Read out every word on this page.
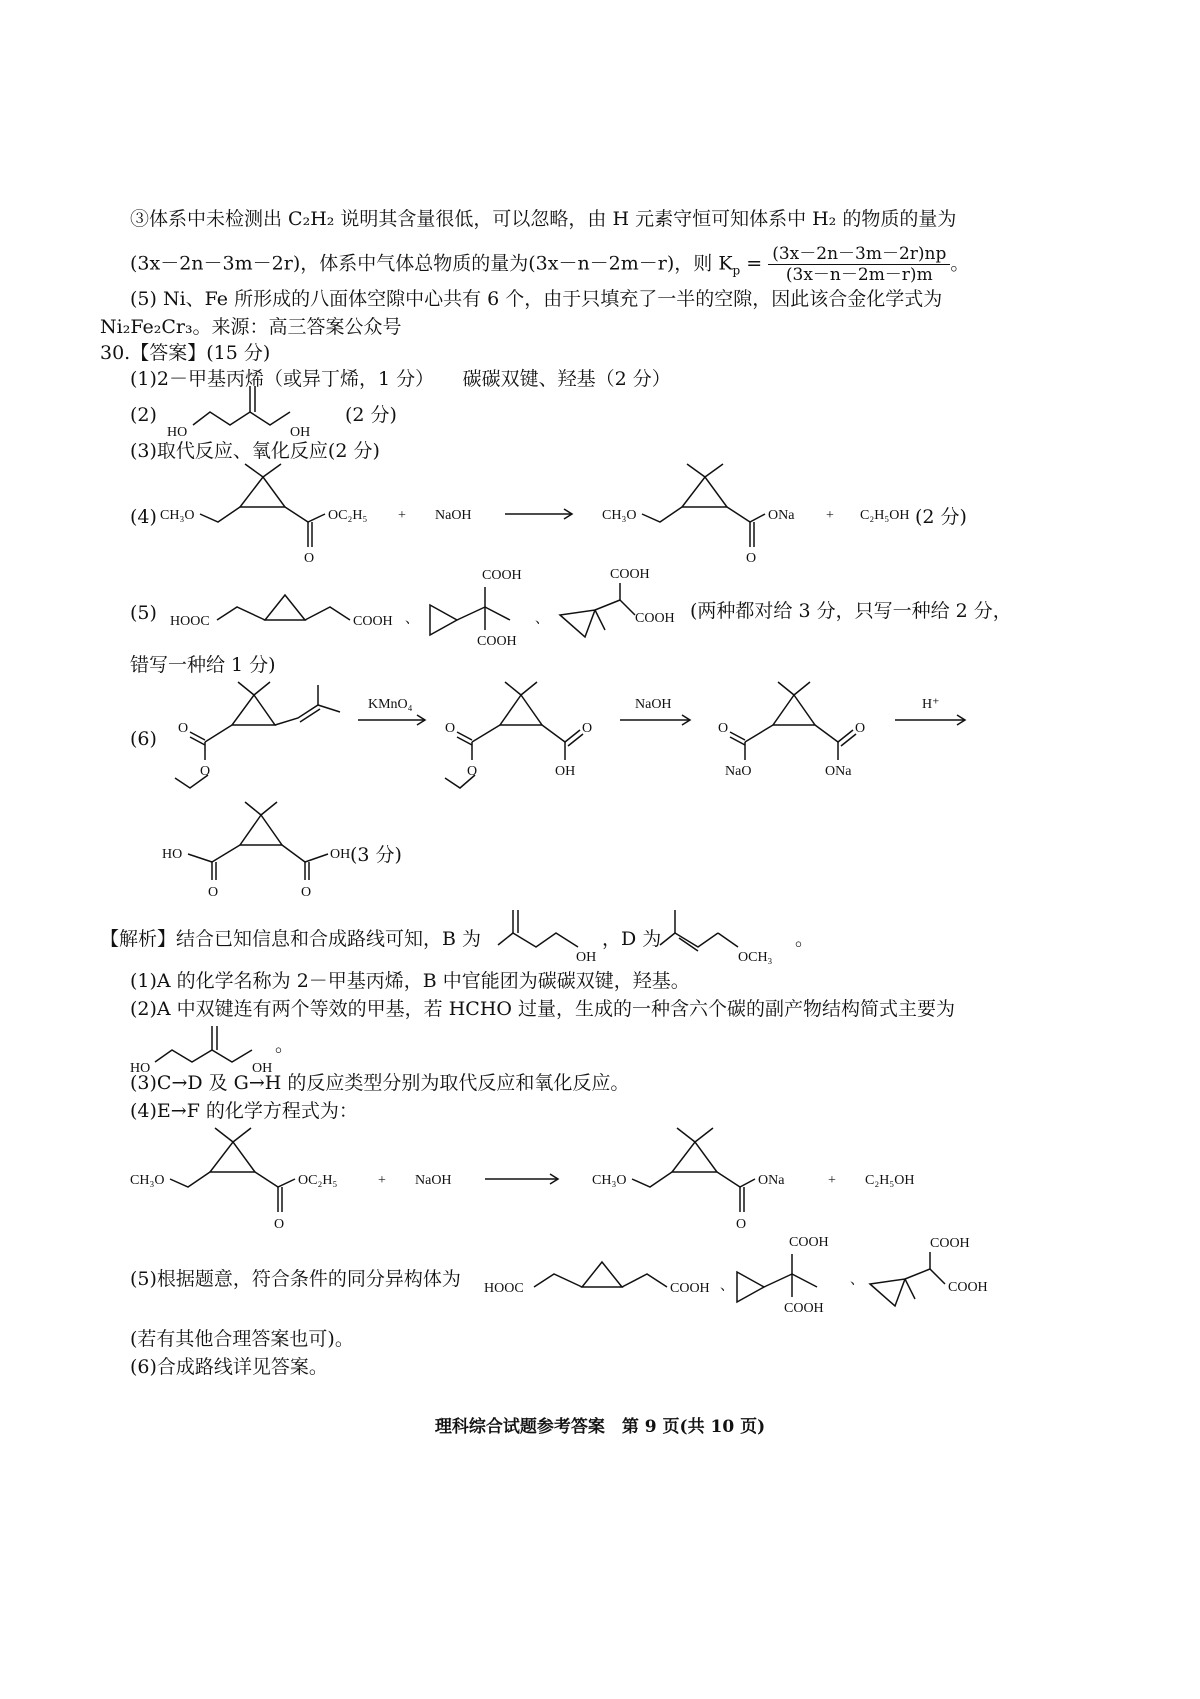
③体系中未检测出 C₂H₂ 说明其含量很低，可以忽略，由 H 元素守恒可知体系中 H₂ 的物质的量为
(3x－2n－3m－2r)，体系中气体总物质的量为(3x－n－2m－r)，则 $K_p = \frac{(3x-2n-3m-2r)np}{(3x-n-2m-r)m}$ 。
(5) Ni、Fe 所形成的八面体空隙中心共有 6 个，由于只填充了一半的空隙，因此该合金化学式为
Ni₂Fe₂Cr₃。来源：高三答案公众号
30.【答案】(15 分)
(1)2－甲基丙烯（或异丁烯，1 分）　　碳碳双键、羟基（2 分）
(2)
HO	OH
(2 分)
(3)取代反应、氧化反应(2 分)
(4) CH₃O
O
OC₂H₅ + NaOH	CH₃O
O
ONa + C₂H₅OH (2 分)
(5) HOOC	COOH 、
COOH
COOH
、
COOH
COOH (两种都对给 3 分，只写一种给 2 分，
错写一种给 1 分)
(6) O
O
KMnO₄
O
O
O
OH
NaOH
O
NaO
O
ONa
H⁺
HO
O	O
OH (3 分)
【解析】结合已知信息和合成路线可知，B 为
OH
，D 为
OCH₃
。
(1)A 的化学名称为 2－甲基丙烯，B 中官能团为碳碳双键，羟基。
(2)A 中双键连有两个等效的甲基，若 HCHO 过量，生成的一种含六个碳的副产物结构简式主要为
HO	OH
。
(3)C→D 及 G→H 的反应类型分别为取代反应和氧化反应。
(4)E→F 的化学方程式为：
CH₃O
O
OC₂H₅	+ NaOH	CH₃O
O
ONa	+ C₂H₅OH
(5)根据题意，符合条件的同分异构体为 HOOC	COOH 、
COOH
COOH
、
COOH
COOH
(若有其他合理答案也可)。
(6)合成路线详见答案。
理科综合试题参考答案　第 9 页(共 10 页)
